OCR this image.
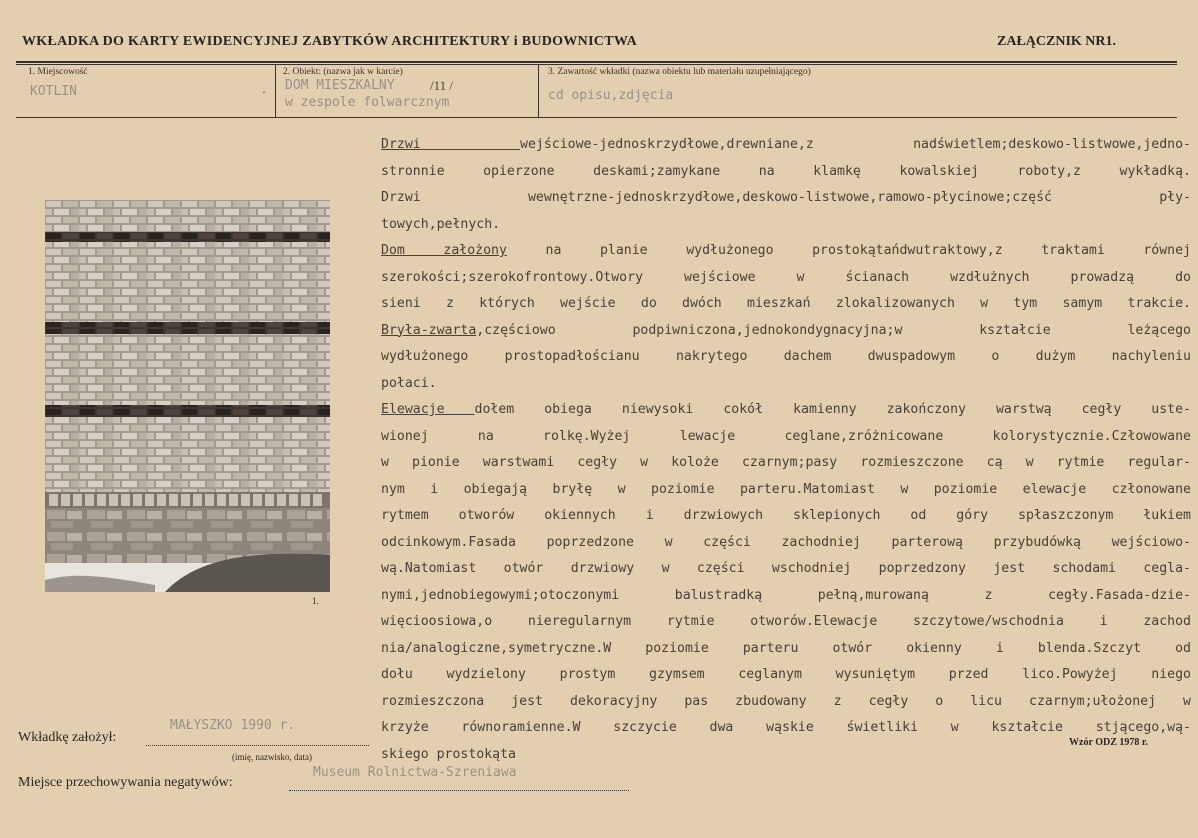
WKŁADKA DO KARTY EWIDENCYJNEJ ZABYTKÓW ARCHITEKTURY i BUDOWNICTWA	ZAŁĄCZNIK NR1.
1. Miejscowość
KOTLIN	·
2. Obiekt: (nazwa jak w karcie)
DOM MIESZKALNY	/11 /
w zespole folwarcznym
3. Zawartość wkładki (nazwa obiektu lub materiału uzupełniającego)
cd opisu,zdjęcia
1.
Drzwi wejściowe-jednoskrzydłowe,drewniane,z nadświetlem;deskowo-listwowe,jedno-
stronnie opierzone deskami;zamykane na klamkę kowalskiej roboty,z wykładką.
Drzwi wewnętrzne-jednoskrzydłowe,deskowo-listwowe,ramowo-płycinowe;część pły-
towych,pełnych.
Dom założony na planie wydłużonego prostokątańdwutraktowy,z traktami równej
szerokości;szerokofrontowy.Otwory wejściowe w ścianach wzdłużnych prowadzą do
sieni z których wejście do dwóch mieszkań zlokalizowanych w tym samym trakcie.
Bryła-zwarta,częściowo podpiwniczona,jednokondygnacyjna;w kształcie leżącego
wydłużonego prostopadłościanu nakrytego dachem dwuspadowym o dużym nachyleniu
połaci.
Elewacje dołem obiega niewysoki cokół kamienny zakończony warstwą cegły uste-
wionej na rolkę.Wyżej lewacje ceglane,zróżnicowane kolorystycznie.Człowowane
w pionie warstwami cegły w koloże czarnym;pasy rozmieszczone cą w rytmie regular-
nym i obiegają bryłę w poziomie parteru.Matomiast w poziomie elewacje członowane
rytmem otworów okiennych i drzwiowych sklepionych od góry spłaszczonym łukiem
odcinkowym.Fasada poprzedzone w części zachodniej parterową przybudówką wejściowo-
wą.Natomiast otwór drzwiowy w części wschodniej poprzedzony jest schodami cegla-
nymi,jednobiegowymi;otoczonymi balustradką pełną,murowaną z cegły.Fasada-dzie-
więcioosiowa,o nieregularnym rytmie otworów.Elewacje szczytowe/wschodnia i zachod
nia/analogiczne,symetryczne.W poziomie parteru otwór okienny i blenda.Szczyt od
dołu wydzielony prostym gzymsem ceglanym wysuniętym przed lico.Powyżej niego
rozmieszczona jest dekoracyjny pas zbudowany z cegły o licu czarnym;ułożonej w
krzyże równoramienne.W szczycie dwa wąskie świetliki w kształcie stjącego,wą-
skiego prostokąta
Wkładkę założył:
MAŁYSZKO 1990 r.
(imię, nazwisko, data)
Wzór ODZ 1978 r.
Miejsce przechowywania negatywów:
Museum Rolnictwa-Szreniawa
